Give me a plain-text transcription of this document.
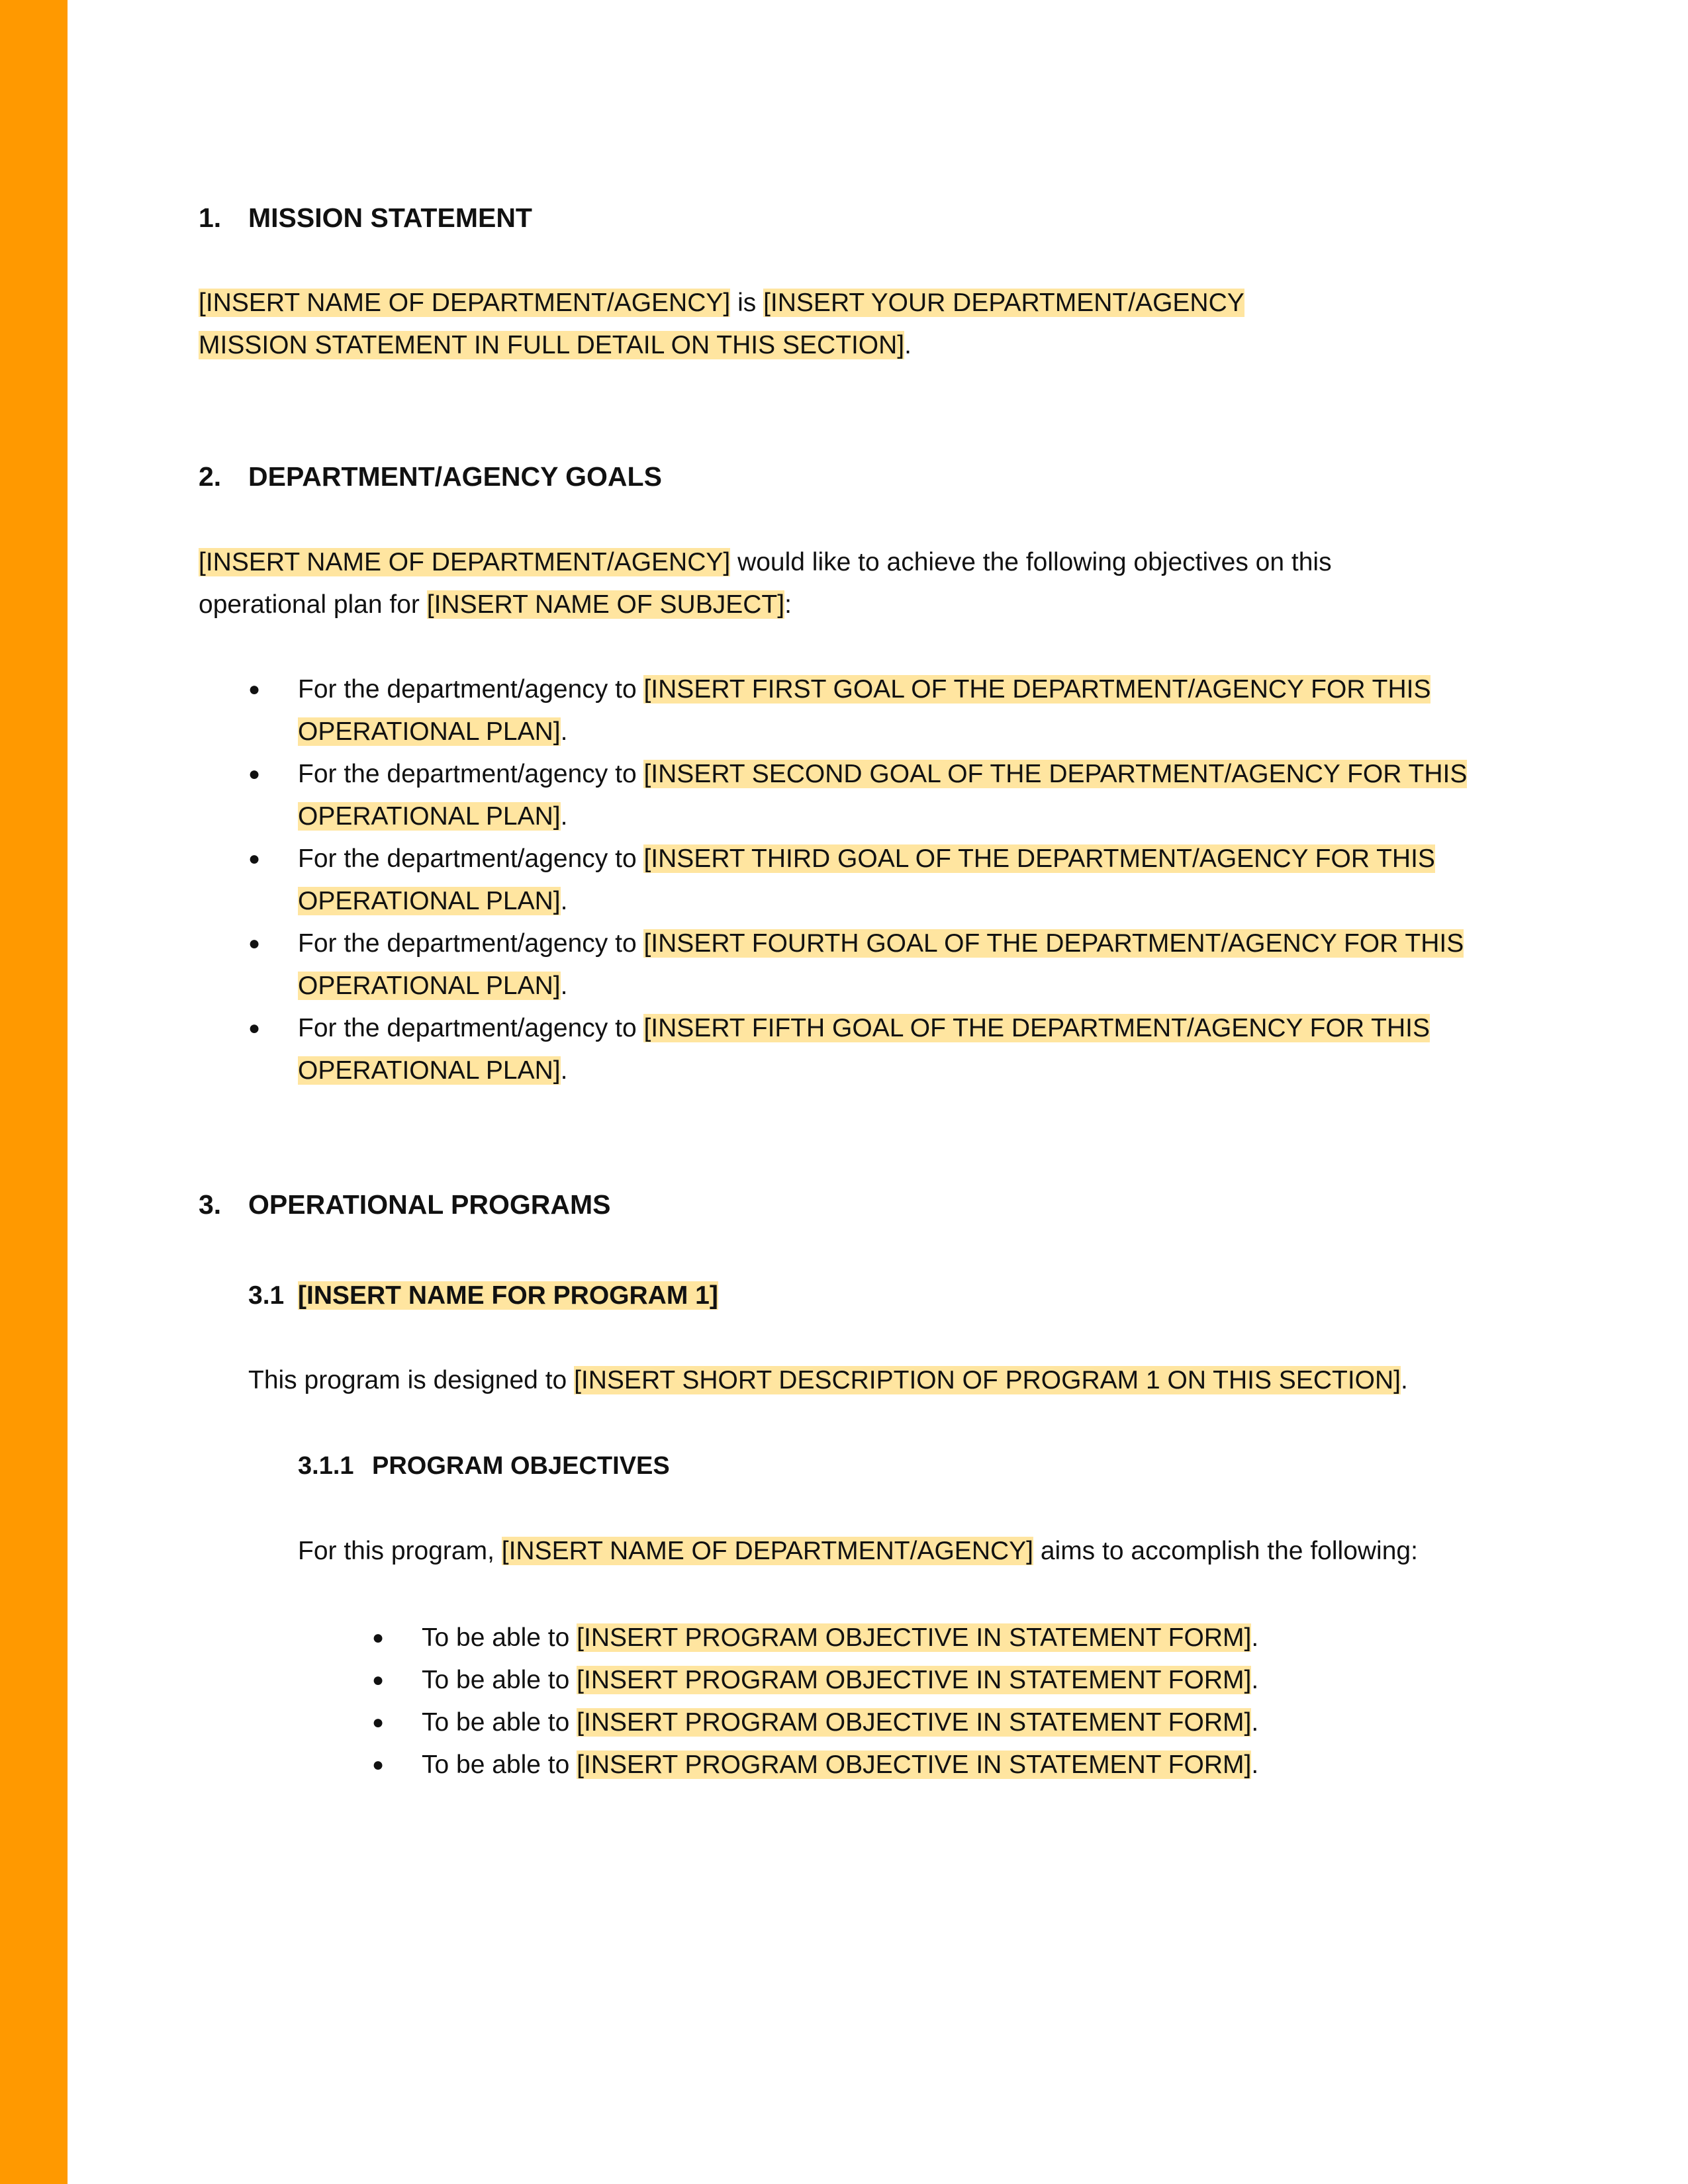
1. MISSION STATEMENT
[INSERT NAME OF DEPARTMENT/AGENCY] is [INSERT YOUR DEPARTMENT/AGENCY MISSION STATEMENT IN FULL DETAIL ON THIS SECTION].
2. DEPARTMENT/AGENCY GOALS
[INSERT NAME OF DEPARTMENT/AGENCY] would like to achieve the following objectives on this operational plan for [INSERT NAME OF SUBJECT]:
● For the department/agency to [INSERT FIRST GOAL OF THE DEPARTMENT/AGENCY FOR THIS OPERATIONAL PLAN].
● For the department/agency to [INSERT SECOND GOAL OF THE DEPARTMENT/AGENCY FOR THIS OPERATIONAL PLAN].
● For the department/agency to [INSERT THIRD GOAL OF THE DEPARTMENT/AGENCY FOR THIS OPERATIONAL PLAN].
● For the department/agency to [INSERT FOURTH GOAL OF THE DEPARTMENT/AGENCY FOR THIS OPERATIONAL PLAN].
● For the department/agency to [INSERT FIFTH GOAL OF THE DEPARTMENT/AGENCY FOR THIS OPERATIONAL PLAN].
3. OPERATIONAL PROGRAMS
3.1 [INSERT NAME FOR PROGRAM 1]
This program is designed to [INSERT SHORT DESCRIPTION OF PROGRAM 1 ON THIS SECTION].
3.1.1 PROGRAM OBJECTIVES
For this program, [INSERT NAME OF DEPARTMENT/AGENCY] aims to accomplish the following:
● To be able to [INSERT PROGRAM OBJECTIVE IN STATEMENT FORM].
● To be able to [INSERT PROGRAM OBJECTIVE IN STATEMENT FORM].
● To be able to [INSERT PROGRAM OBJECTIVE IN STATEMENT FORM].
● To be able to [INSERT PROGRAM OBJECTIVE IN STATEMENT FORM].
